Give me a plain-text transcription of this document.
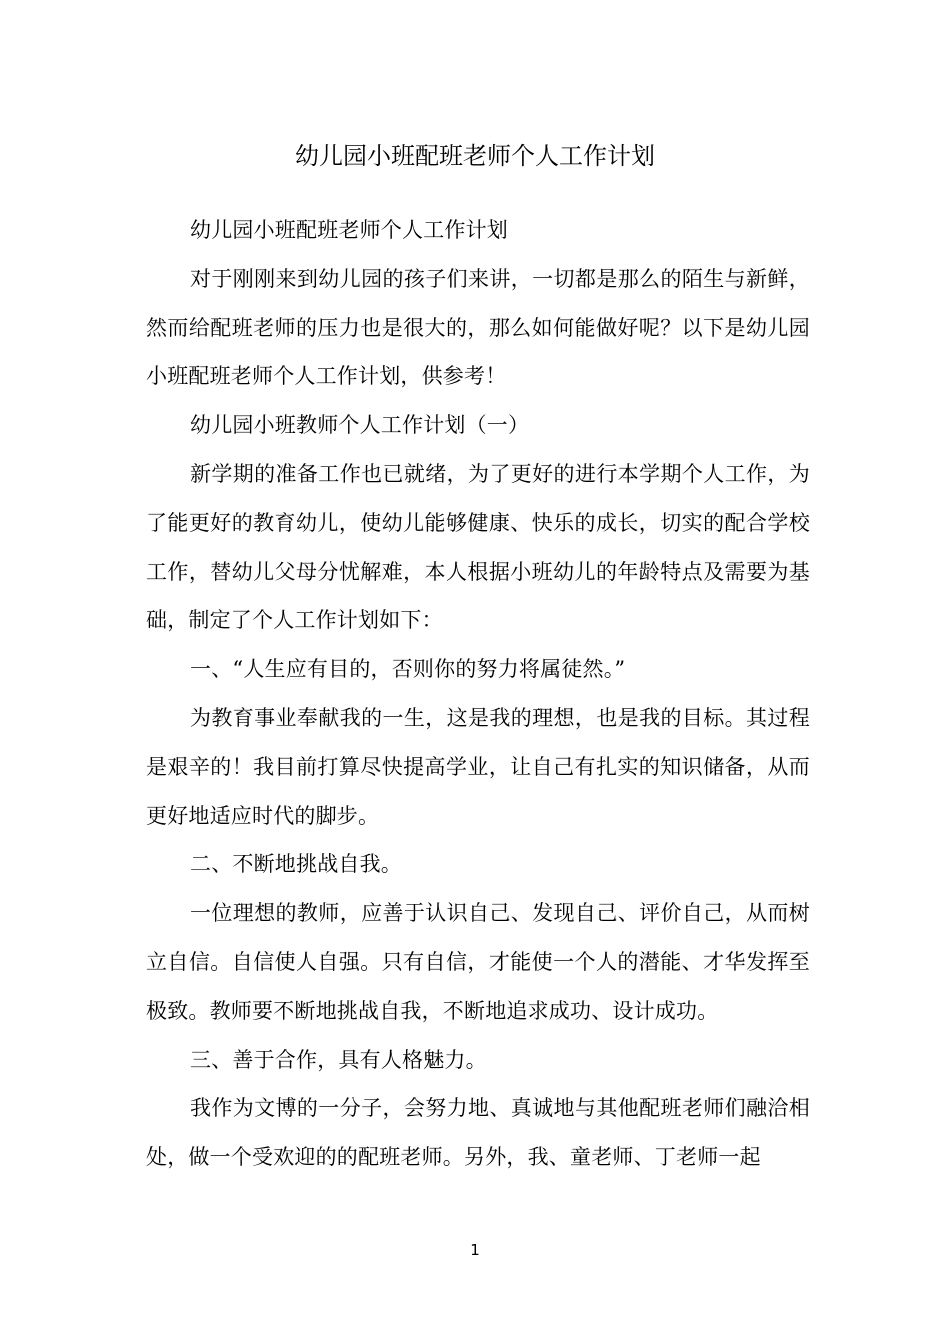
幼儿园小班配班老师个人工作计划

幼儿园小班配班老师个人工作计划

对于刚刚来到幼儿园的孩子们来讲，一切都是那么的陌生与新鲜，然而给配班老师的压力也是很大的，那么如何能做好呢？以下是幼儿园小班配班老师个人工作计划，供参考！

幼儿园小班教师个人工作计划（一）

新学期的准备工作也已就绪，为了更好的进行本学期个人工作，为了能更好的教育幼儿，使幼儿能够健康、快乐的成长，切实的配合学校工作，替幼儿父母分忧解难，本人根据小班幼儿的年龄特点及需要为基础，制定了个人工作计划如下：

一、“人生应有目的，否则你的努力将属徒然。”

为教育事业奉献我的一生，这是我的理想，也是我的目标。其过程是艰辛的！我目前打算尽快提高学业，让自己有扎实的知识储备，从而更好地适应时代的脚步。

二、不断地挑战自我。

一位理想的教师，应善于认识自己、发现自己、评价自己，从而树立自信。自信使人自强。只有自信，才能使一个人的潜能、才华发挥至极致。教师要不断地挑战自我，不断地追求成功、设计成功。

三、善于合作，具有人格魅力。

我作为文博的一分子，会努力地、真诚地与其他配班老师们融洽相处，做一个受欢迎的的配班老师。另外，我、童老师、丁老师一起

1
